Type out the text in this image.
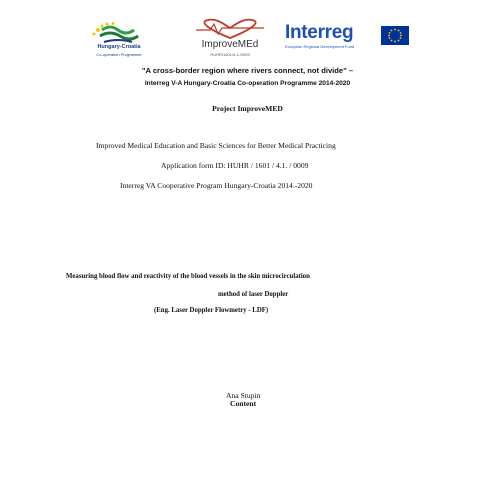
Hungary-Croatia
Co-operation Programme
ImproveMEd
HUHR/1601/4.1./0009
Interreg
European Regional Development Fund
"A cross-border region where rivers connect, not divide" –
Interreg V-A Hungary-Croatia Co-operation Programme 2014-2020
Project ImproveMED
Improved Medical Education and Basic Sciences for Better Medical Practicing
Application form ID: HUHR / 1601 / 4.1. / 0009
Interreg VA Cooperative Program Hungary-Croatia 2014.-2020
Measuring blood flow and reactivity of the blood vessels in the skin microcirculation
method of laser Doppler
(Eng. Laser Doppler Flowmetry - LDF)
Ana Stupin
Content
